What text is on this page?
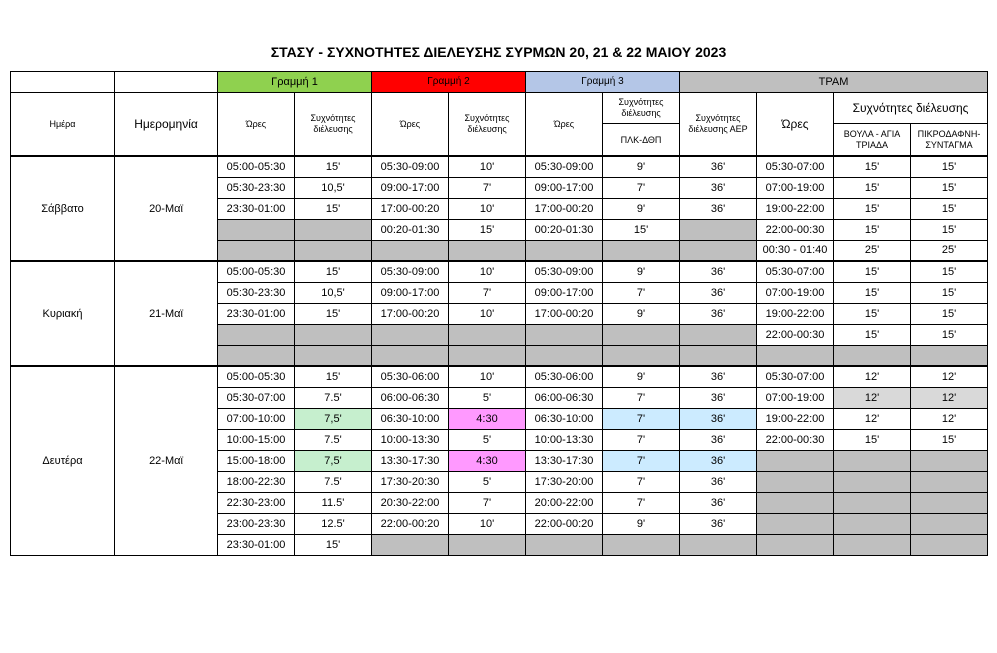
ΣΤΑΣΥ - ΣΥΧΝΟΤΗΤΕΣ ΔΙΕΛΕΥΣΗΣ ΣΥΡΜΩΝ 20, 21 & 22 ΜΑΙΟΥ 2023
		Γραμμή 1		Γραμμή 2		Γραμμή 3		ΤΡΑΜ			
Ημέρα	Ημερομηνία	Ώρες	Συχνότητες διέλευσης	Ώρες	Συχνότητες διέλευσης	Ώρες	Συχνότητες διέλευσης	Συχνότητες διέλευσης ΑΕΡ	Ώρες	Συχνότητες διέλευσης	
							ΠΛΚ-ΔΘΠ			ΒΟΥΛΑ - ΑΓΙΑ ΤΡΙΑΔΑ	ΠΙΚΡΟΔΑΦΝΗ-ΣΥΝΤΑΓΜΑ
Σάββατο	20-Μαϊ	05:00-05:30	15'	05:30-09:00	10'	05:30-09:00	9'	36'	05:30-07:00	15'	15'
		05:30-23:30	10,5'	09:00-17:00	7'	09:00-17:00	7'	36'	07:00-19:00	15'	15'
		23:30-01:00	15'	17:00-00:20	10'	17:00-00:20	9'	36'	19:00-22:00	15'	15'
				00:20-01:30	15'	00:20-01:30	15'		22:00-00:30	15'	15'
									00:30 - 01:40	25'	25'
Κυριακή	21-Μαϊ	05:00-05:30	15'	05:30-09:00	10'	05:30-09:00	9'	36'	05:30-07:00	15'	15'
		05:30-23:30	10,5'	09:00-17:00	7'	09:00-17:00	7'	36'	07:00-19:00	15'	15'
		23:30-01:00	15'	17:00-00:20	10'	17:00-00:20	9'	36'	19:00-22:00	15'	15'
									22:00-00:30	15'	15'

Δευτέρα	22-Μαϊ	05:00-05:30	15'	05:30-06:00	10'	05:30-06:00	9'	36'	05:30-07:00	12'	12'
		05:30-07:00	7.5'	06:00-06:30	5'	06:00-06:30	7'	36'	07:00-19:00	12'	12'
		07:00-10:00	7,5'	06:30-10:00	4:30	06:30-10:00	7'	36'	19:00-22:00	12'	12'
		10:00-15:00	7.5'	10:00-13:30	5'	10:00-13:30	7'	36'	22:00-00:30	15'	15'
		15:00-18:00	7,5'	13:30-17:30	4:30	13:30-17:30	7'	36'			
		18:00-22:30	7.5'	17:30-20:30	5'	17:30-20:00	7'	36'			
		22:30-23:00	11.5'	20:30-22:00	7'	20:00-22:00	7'	36'			
		23:00-23:30	12.5'	22:00-00:20	10'	22:00-00:20	9'	36'			
		23:30-01:00	15'								
